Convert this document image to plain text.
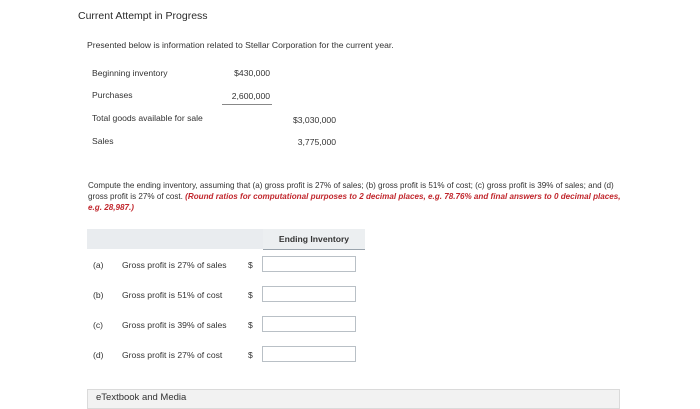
Current Attempt in Progress
Presented below is information related to Stellar Corporation for the current year.
Beginning inventory	$430,000
Purchases	2,600,000
Total goods available for sale	$3,030,000
Sales	3,775,000
Compute the ending inventory, assuming that (a) gross profit is 27% of sales; (b) gross profit is 51% of cost; (c) gross profit is 39% of sales; and (d) gross profit is 27% of cost. (Round ratios for computational purposes to 2 decimal places, e.g. 78.76% and final answers to 0 decimal places, e.g. 28,987.)
Ending Inventory
(a) Gross profit is 27% of sales $
(b) Gross profit is 51% of cost	$
(c) Gross profit is 39% of sales $
(d) Gross profit is 27% of cost	$
eTextbook and Media
